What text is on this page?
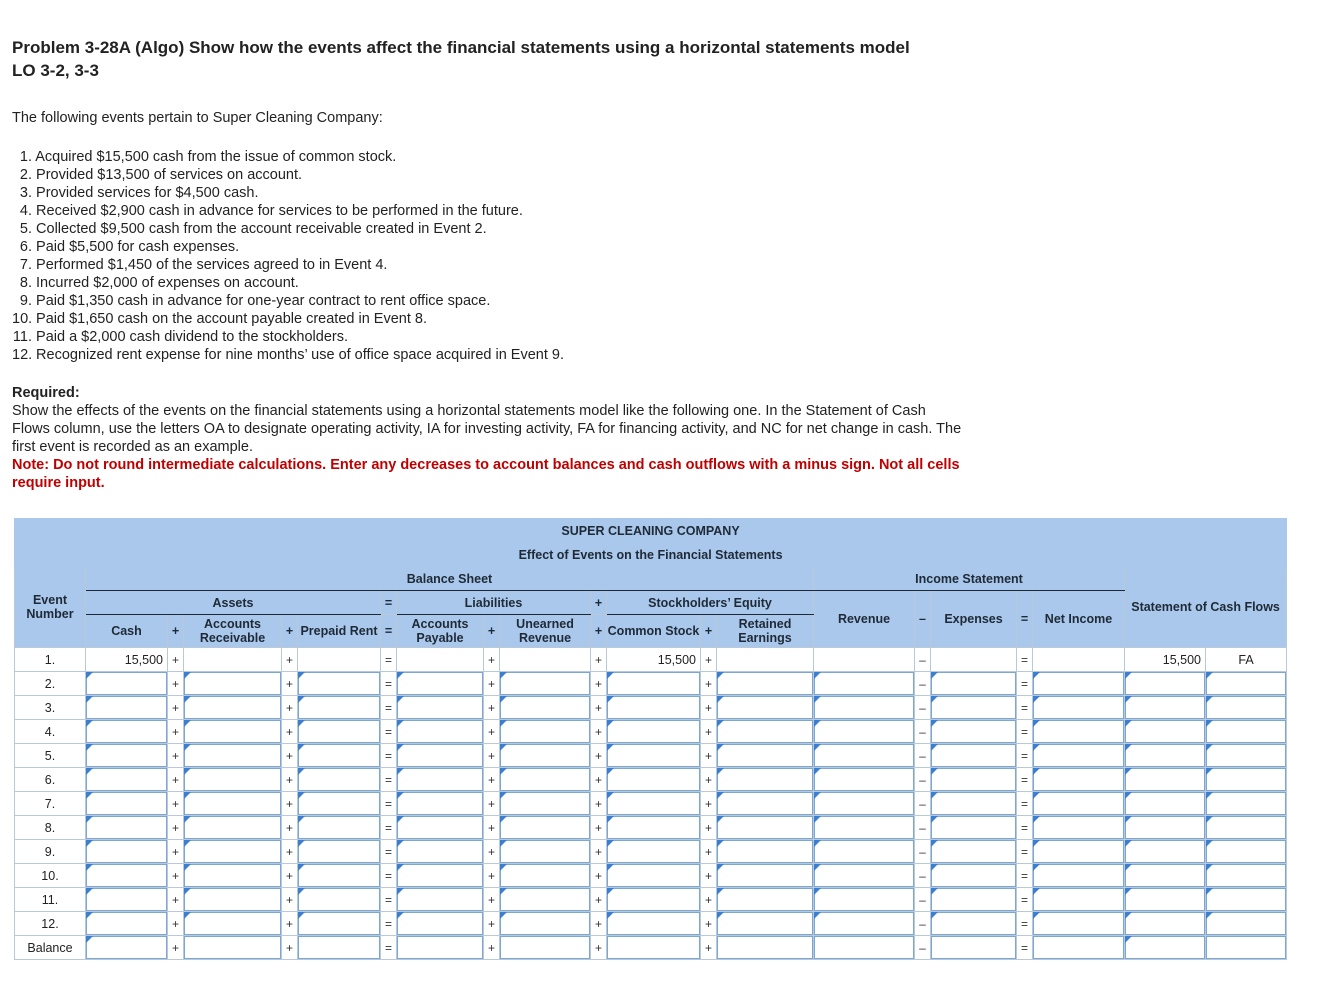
Problem 3-28A (Algo) Show how the events affect the financial statements using a horizontal statements model LO 3-2, 3-3
The following events pertain to Super Cleaning Company:
1. Acquired $15,500 cash from the issue of common stock.
2. Provided $13,500 of services on account.
3. Provided services for $4,500 cash.
4. Received $2,900 cash in advance for services to be performed in the future.
5. Collected $9,500 cash from the account receivable created in Event 2.
6. Paid $5,500 for cash expenses.
7. Performed $1,450 of the services agreed to in Event 4.
8. Incurred $2,000 of expenses on account.
9. Paid $1,350 cash in advance for one-year contract to rent office space.
10. Paid $1,650 cash on the account payable created in Event 8.
11. Paid a $2,000 cash dividend to the stockholders.
12. Recognized rent expense for nine months’ use of office space acquired in Event 9.
Required:
Show the effects of the events on the financial statements using a horizontal statements model like the following one. In the Statement of Cash Flows column, use the letters OA to designate operating activity, IA for investing activity, FA for financing activity, and NC for net change in cash. The first event is recorded as an example.
Note: Do not round intermediate calculations. Enter any decreases to account balances and cash outflows with a minus sign. Not all cells require input.
SUPER CLEANING COMPANY																				
Effect of Events on the Financial Statements																				
Event Number	Balance Sheet													Income Statement					Statement of Cash Flows	
	Assets					=	Liabilities			+	Stockholders’ Equity			Revenue	–	Expenses	=	Net Income		
	Cash	+	Accounts Receivable	+	Prepaid Rent	=	Accounts Payable	+	Unearned Revenue	+	Common Stock	+	Retained Earnings							
1.	15,500	+		+		=		+		+	15,500	+			–		=		15,500	FA
2.		+		+		=		+		+		+			–		=	

3.		+		+		=		+		+		+			–		=	

4.		+		+		=		+		+		+			–		=	

5.		+		+		=		+		+		+			–		=	

6.		+		+		=		+		+		+			–		=	

7.		+		+		=		+		+		+			–		=	

8.		+		+		=		+		+		+			–		=	

9.		+		+		=		+		+		+			–		=	

10.		+		+		=		+		+		+			–		=	

11.		+		+		=		+		+		+			–		=	

12.		+		+		=		+		+		+			–		=	

Balance		+		+		=		+		+		+			–		=		
